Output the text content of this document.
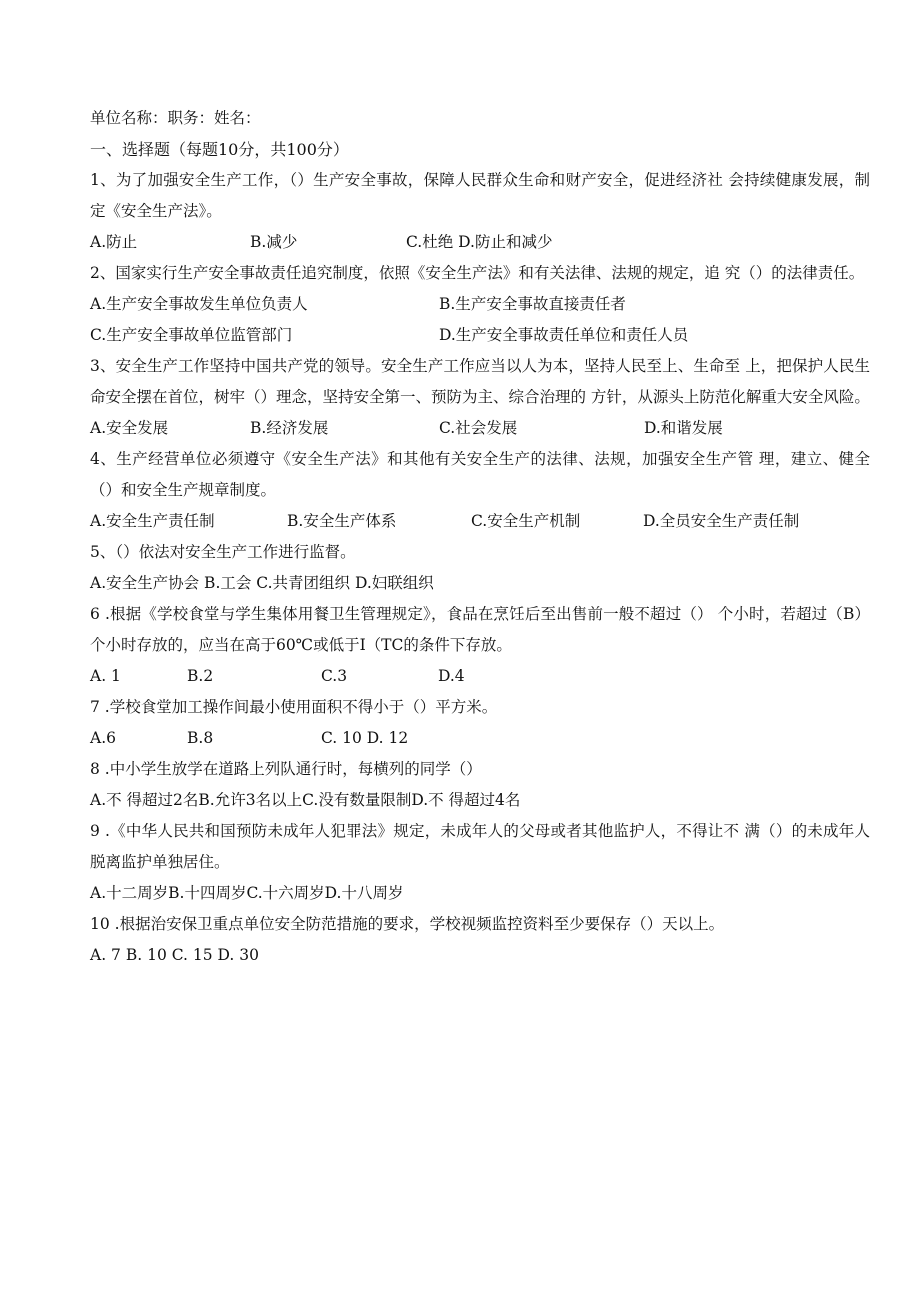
单位名称：职务：姓名：
一、选择题（每题10分，共100分）
1、为了加强安全生产工作，（）生产安全事故，保障人民群众生命和财产安全，促进经济社 会持续健康发展，制定《安全生产法》。
A.防止	B.减少	C.杜绝 D.防止和减少
2、国家实行生产安全事故责任追究制度，依照《安全生产法》和有关法律、法规的规定，追 究（）的法律责任。
A.生产安全事故发生单位负责人	B.生产安全事故直接责任者
C.生产安全事故单位监管部门	D.生产安全事故责任单位和责任人员
3、安全生产工作坚持中国共产党的领导。安全生产工作应当以人为本，坚持人民至上、生命至 上，把保护人民生命安全摆在首位，树牢（）理念，坚持安全第一、预防为主、综合治理的 方针，从源头上防范化解重大安全风险。
A.安全发展	B.经济发展	C.社会发展	D.和谐发展
4、生产经营单位必须遵守《安全生产法》和其他有关安全生产的法律、法规，加强安全生产管 理，建立、健全（）和安全生产规章制度。
A.安全生产责任制	B.安全生产体系	C.安全生产机制	D.全员安全生产责任制
5、（）依法对安全生产工作进行监督。
A.安全生产协会 B.工会 C.共青团组织 D.妇联组织
6 .根据《学校食堂与学生集体用餐卫生管理规定》，食品在烹饪后至出售前一般不超过（） 个小时，若超过（B）个小时存放的，应当在高于60℃或低于I（TC的条件下存放。
A. 1	B.2	C.3	D.4
7 .学校食堂加工操作间最小使用面积不得小于（）平方米。
A.6	B.8	C. 10 D. 12
8 .中小学生放学在道路上列队通行时，每横列的同学（）
A.不 得超过2名B.允许3名以上C.没有数量限制D.不 得超过4名
9 .《中华人民共和国预防未成年人犯罪法》规定，未成年人的父母或者其他监护人，不得让不 满（）的未成年人脱离监护单独居住。
A.十二周岁B.十四周岁C.十六周岁D.十八周岁
10 .根据治安保卫重点单位安全防范措施的要求，学校视频监控资料至少要保存（）天以上。
A. 7 B. 10 C. 15 D. 30
